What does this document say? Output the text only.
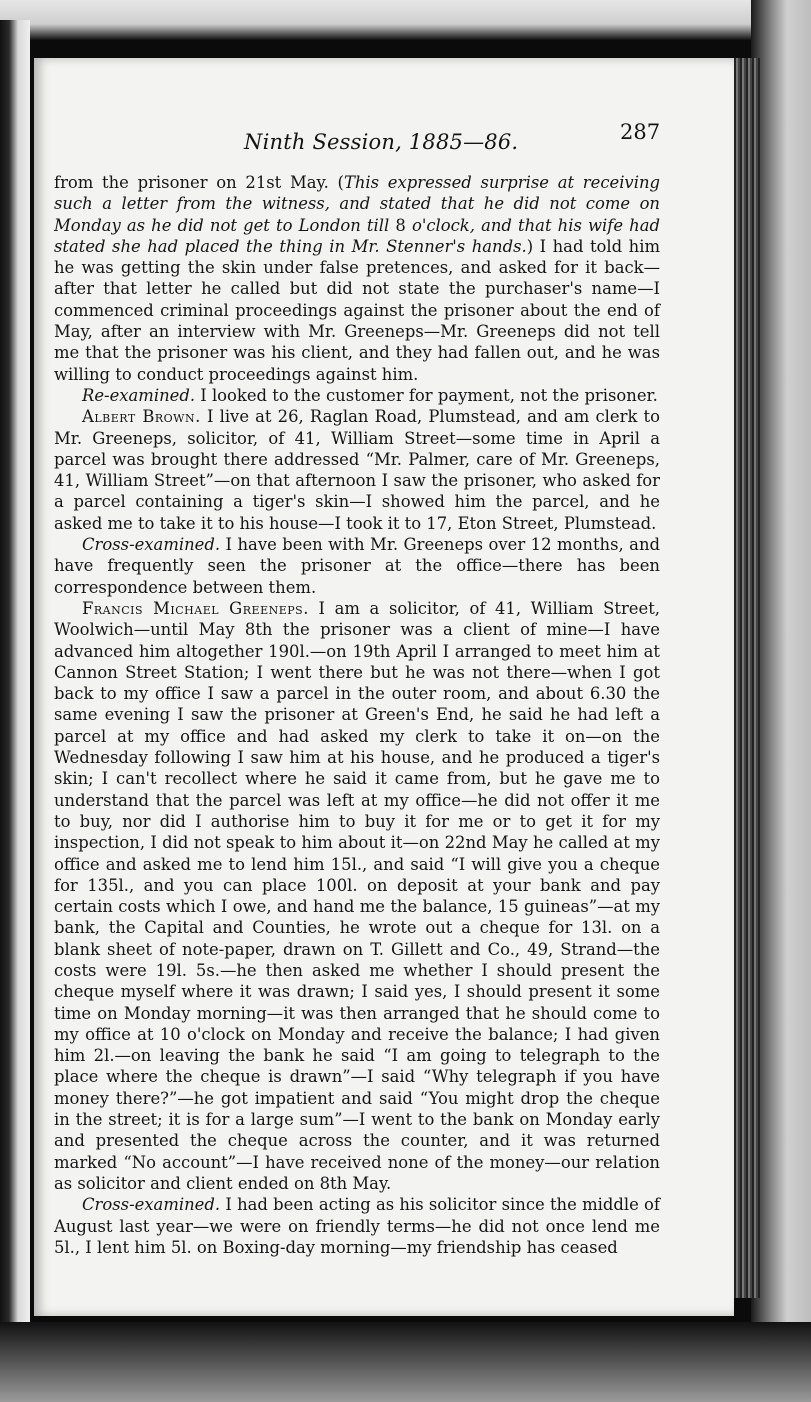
Ninth Session, 1885—86.	287

from the prisoner on 21st May. (This expressed surprise at receiving such a letter from the witness, and stated that he did not come on Monday as he did not get to London till 8 o'clock, and that his wife had stated she had placed the thing in Mr. Stenner's hands.) I had told him he was getting the skin under false pretences, and asked for it back—after that letter he called but did not state the purchaser's name—I commenced criminal proceedings against the prisoner about the end of May, after an interview with Mr. Greeneps—Mr. Greeneps did not tell me that the prisoner was his client, and they had fallen out, and he was willing to conduct proceedings against him.

Re-examined. I looked to the customer for payment, not the prisoner.

Albert Brown. I live at 26, Raglan Road, Plumstead, and am clerk to Mr. Greeneps, solicitor, of 41, William Street—some time in April a parcel was brought there addressed “Mr. Palmer, care of Mr. Greeneps, 41, William Street”—on that afternoon I saw the prisoner, who asked for a parcel containing a tiger's skin—I showed him the parcel, and he asked me to take it to his house—I took it to 17, Eton Street, Plumstead.

Cross-examined. I have been with Mr. Greeneps over 12 months, and have frequently seen the prisoner at the office—there has been correspondence between them.

Francis Michael Greeneps. I am a solicitor, of 41, William Street, Woolwich—until May 8th the prisoner was a client of mine—I have advanced him altogether 190l.—on 19th April I arranged to meet him at Cannon Street Station; I went there but he was not there—when I got back to my office I saw a parcel in the outer room, and about 6.30 the same evening I saw the prisoner at Green's End, he said he had left a parcel at my office and had asked my clerk to take it on—on the Wednesday following I saw him at his house, and he produced a tiger's skin; I can't recollect where he said it came from, but he gave me to understand that the parcel was left at my office—he did not offer it me to buy, nor did I authorise him to buy it for me or to get it for my inspection, I did not speak to him about it—on 22nd May he called at my office and asked me to lend him 15l., and said “I will give you a cheque for 135l., and you can place 100l. on deposit at your bank and pay certain costs which I owe, and hand me the balance, 15 guineas”—at my bank, the Capital and Counties, he wrote out a cheque for 13l. on a blank sheet of note-paper, drawn on T. Gillett and Co., 49, Strand—the costs were 19l. 5s.—he then asked me whether I should present the cheque myself where it was drawn; I said yes, I should present it some time on Monday morning—it was then arranged that he should come to my office at 10 o'clock on Monday and receive the balance; I had given him 2l.—on leaving the bank he said “I am going to telegraph to the place where the cheque is drawn”—I said “Why telegraph if you have money there?”—he got impatient and said “You might drop the cheque in the street; it is for a large sum”—I went to the bank on Monday early and presented the cheque across the counter, and it was returned marked “No account”—I have received none of the money—our relation as solicitor and client ended on 8th May.

Cross-examined. I had been acting as his solicitor since the middle of August last year—we were on friendly terms—he did not once lend me 5l., I lent him 5l. on Boxing-day morning—my friendship has ceased
